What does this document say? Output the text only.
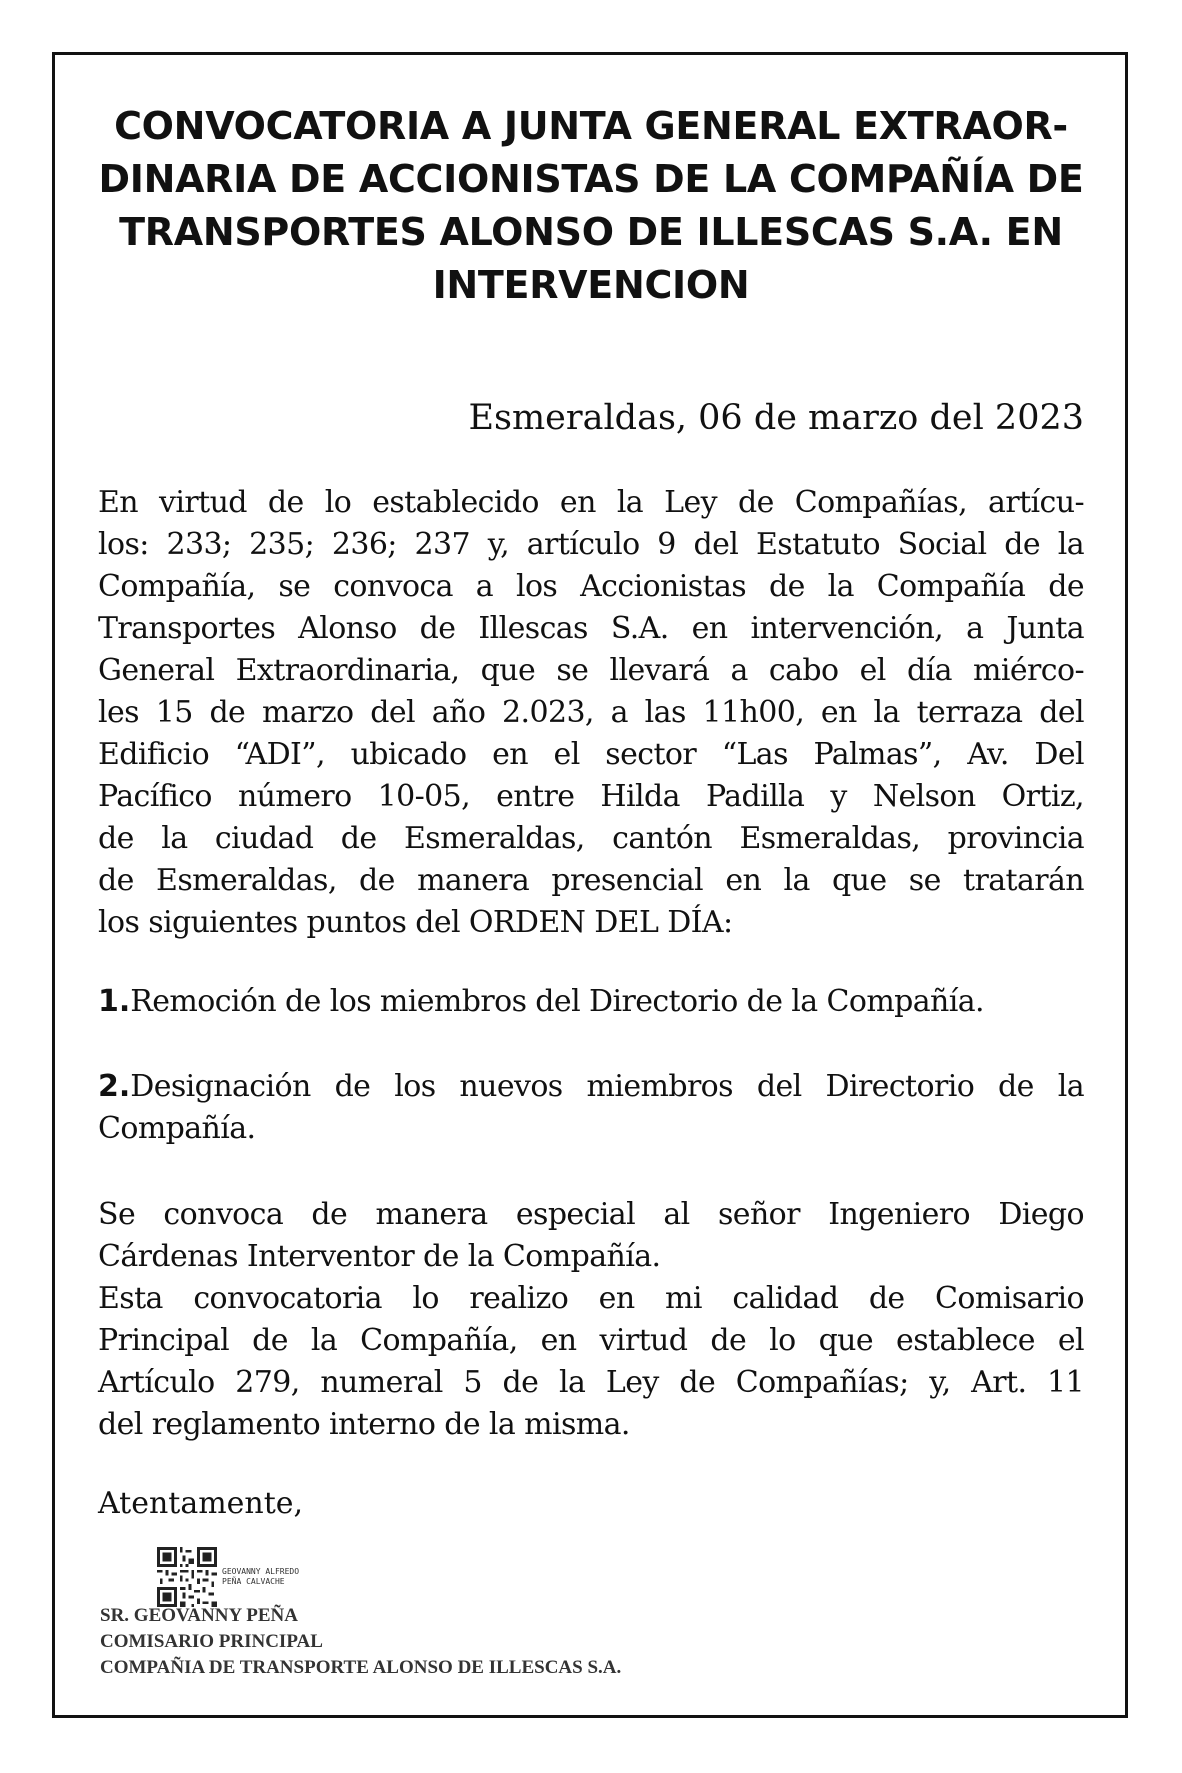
CONVOCATORIA A JUNTA GENERAL EXTRAOR-
DINARIA DE ACCIONISTAS DE LA COMPAÑÍA DE
TRANSPORTES ALONSO DE ILLESCAS S.A. EN
INTERVENCION

Esmeraldas, 06 de marzo del 2023

En virtud de lo establecido en la Ley de Compañías, artícu-
los: 233; 235; 236; 237 y, artículo 9 del Estatuto Social de la
Compañía, se convoca a los Accionistas de la Compañía de
Transportes Alonso de Illescas S.A. en intervención, a Junta
General Extraordinaria, que se llevará a cabo el día miérco-
les 15 de marzo del año 2.023, a las 11h00, en la terraza del
Edificio “ADI”, ubicado en el sector “Las Palmas”, Av. Del
Pacífico número 10-05, entre Hilda Padilla y Nelson Ortiz,
de la ciudad de Esmeraldas, cantón Esmeraldas, provincia
de Esmeraldas, de manera presencial en la que se tratarán
los siguientes puntos del ORDEN DEL DÍA:
1.Remoción de los miembros del Directorio de la Compañía.
2.Designación de los nuevos miembros del Directorio de la
Compañía.
Se convoca de manera especial al señor Ingeniero Diego
Cárdenas Interventor de la Compañía.
Esta convocatoria lo realizo en mi calidad de Comisario
Principal de la Compañía, en virtud de lo que establece el
Artículo 279, numeral 5 de la Ley de Compañías; y, Art. 11
del reglamento interno de la misma.

Atentamente,

GEOVANNY ALFREDO
PEÑA CALVACHE
SR. GEOVANNY PEÑA
COMISARIO PRINCIPAL
COMPAÑIA DE TRANSPORTE ALONSO DE ILLESCAS S.A.
